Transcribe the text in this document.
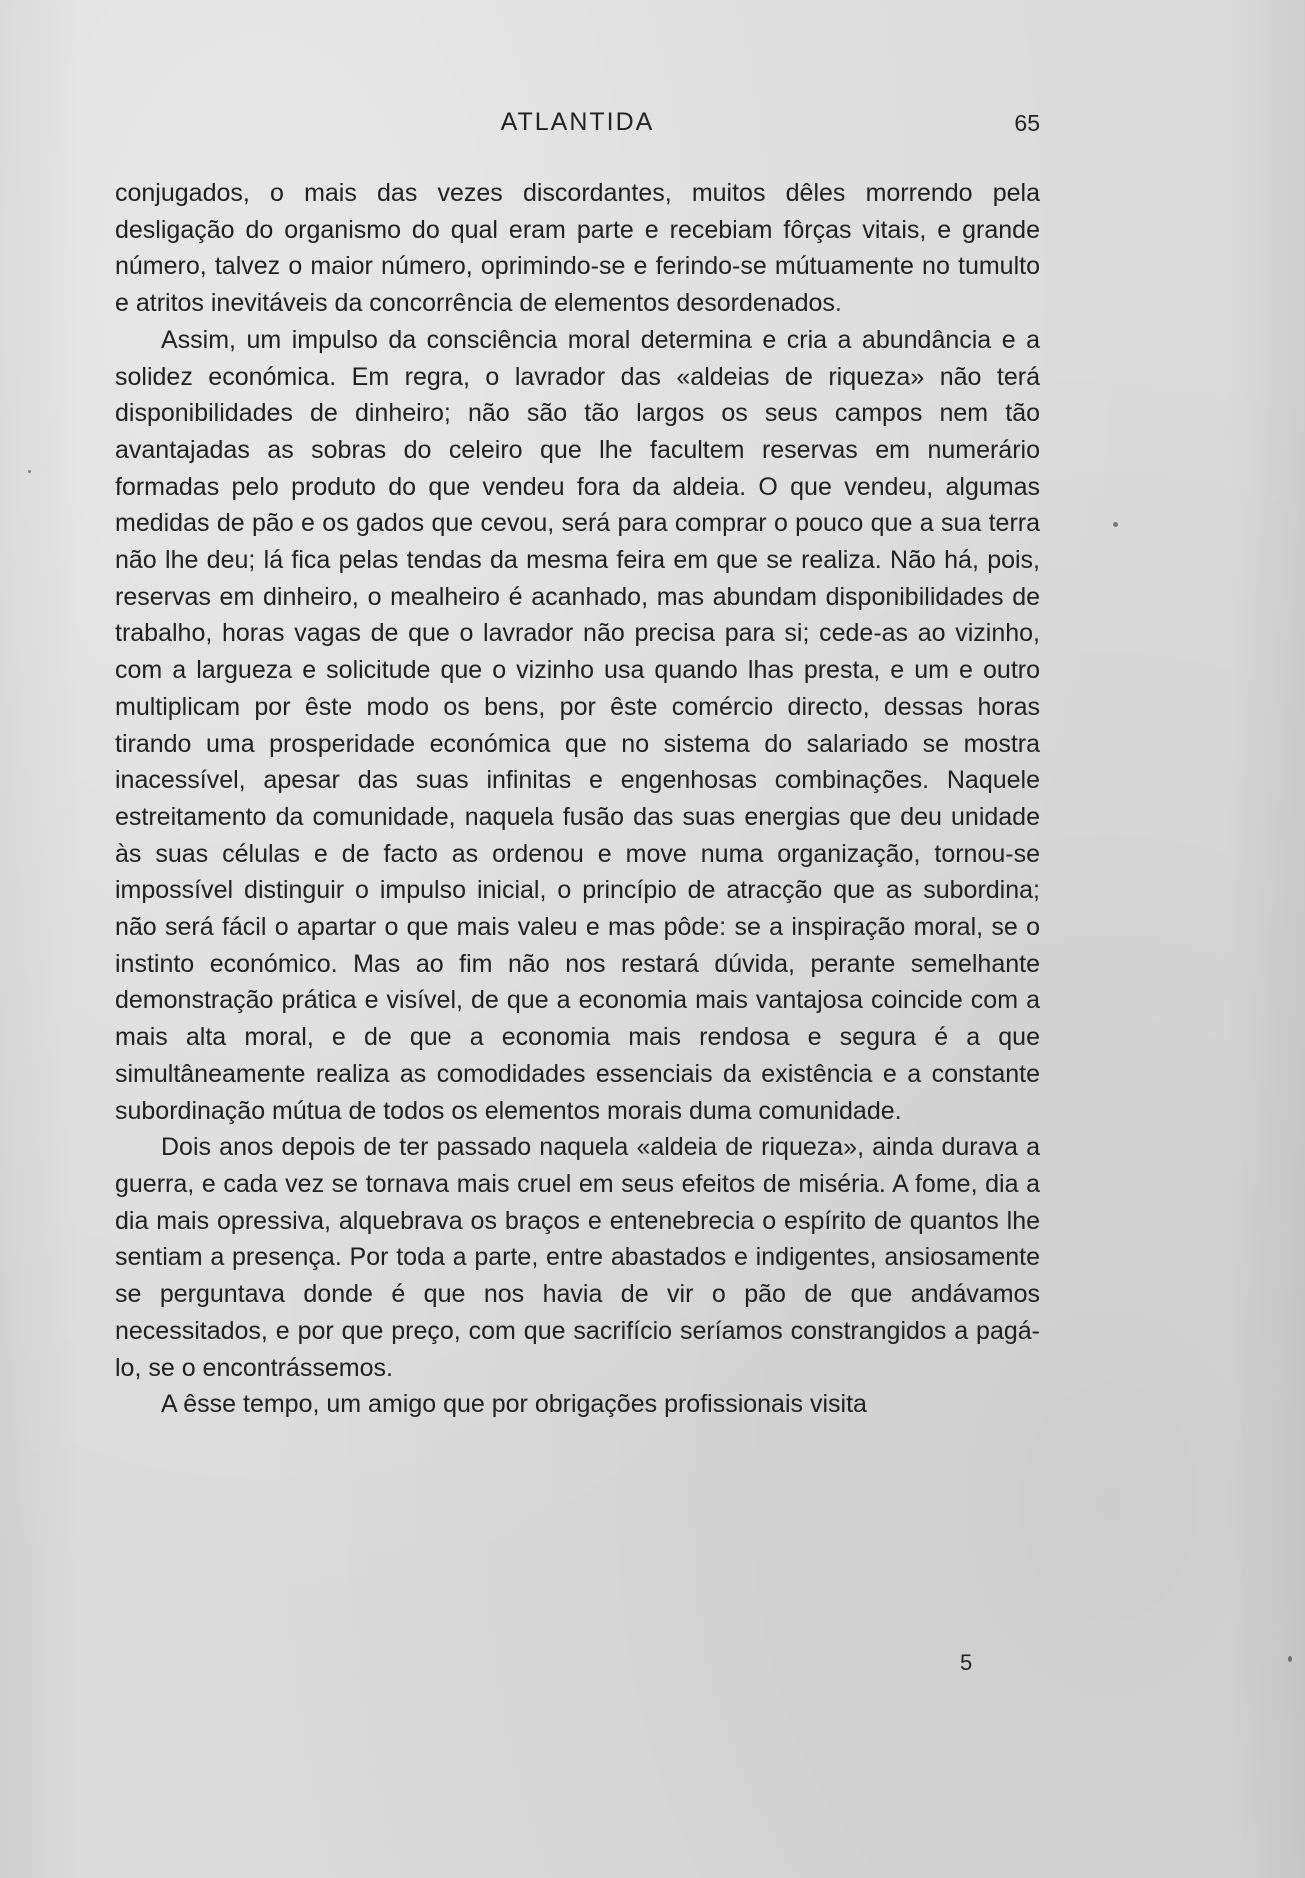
ATLANTIDA	65

conjugados, o mais das vezes discordantes, muitos dêles morrendo pela desligação do organismo do qual eram parte e recebiam fôrças vitais, e grande número, talvez o maior número, oprimindo-se e ferindo-se mútuamente no tumulto e atritos inevitáveis da concorrência de elementos desordenados.

Assim, um impulso da consciência moral determina e cria a abundância e a solidez económica. Em regra, o lavrador das «aldeias de riqueza» não terá disponibilidades de dinheiro; não são tão largos os seus campos nem tão avantajadas as sobras do celeiro que lhe facultem reservas em numerário formadas pelo produto do que vendeu fora da aldeia. O que vendeu, algumas medidas de pão e os gados que cevou, será para comprar o pouco que a sua terra não lhe deu; lá fica pelas tendas da mesma feira em que se realiza. Não há, pois, reservas em dinheiro, o mealheiro é acanhado, mas abundam disponibilidades de trabalho, horas vagas de que o lavrador não precisa para si; cede-as ao vizinho, com a largueza e solicitude que o vizinho usa quando lhas presta, e um e outro multiplicam por êste modo os bens, por êste comércio directo, dessas horas tirando uma prosperidade económica que no sistema do salariado se mostra inacessível, apesar das suas infinitas e engenhosas combinações. Naquele estreitamento da comunidade, naquela fusão das suas energias que deu unidade às suas células e de facto as ordenou e move numa organização, tornou-se impossível distinguir o impulso inicial, o princípio de atracção que as subordina; não será fácil o apartar o que mais valeu e mas pôde: se a inspiração moral, se o instinto económico. Mas ao fim não nos restará dúvida, perante semelhante demonstração prática e visível, de que a economia mais vantajosa coincide com a mais alta moral, e de que a economia mais rendosa e segura é a que simultâneamente realiza as comodidades essenciais da existência e a constante subordinação mútua de todos os elementos morais duma comunidade.

Dois anos depois de ter passado naquela «aldeia de riqueza», ainda durava a guerra, e cada vez se tornava mais cruel em seus efeitos de miséria. A fome, dia a dia mais opressiva, alquebrava os braços e entenebrecia o espírito de quantos lhe sentiam a presença. Por toda a parte, entre abastados e indigentes, ansiosamente se perguntava donde é que nos havia de vir o pão de que andávamos necessitados, e por que preço, com que sacrifício seríamos constrangidos a pagá-lo, se o encontrássemos.

A êsse tempo, um amigo que por obrigações profissionais visita

5
